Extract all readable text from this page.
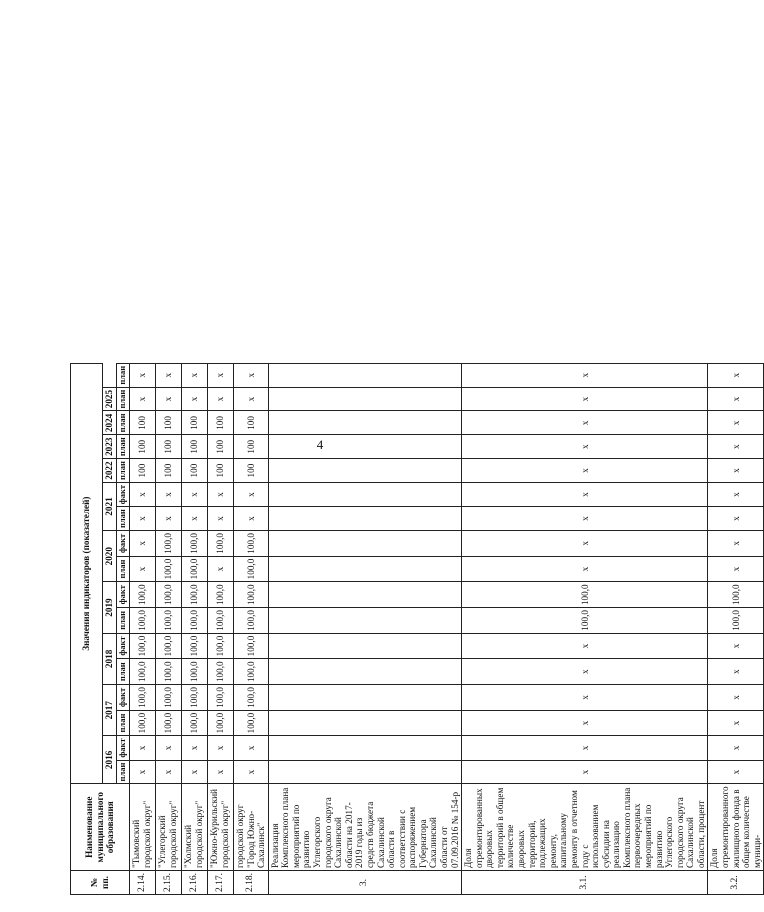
4
№ пп.	Наименование муниципального образования	Значения индикаторов (показателей)																
		2016		2017		2018		2019		2020		2021		2022	2023	2024	2025	
		план	факт	план	факт	план	факт	план	факт	план	факт	план	факт	план	план	план	план	план
2.14.	"Тымовский городской округ"	х	х	100,0	100,0	100,0	100,0	100,0	100,0	х	х	х	х	100	100	100	х	х
2.15.	"Углегорский городской округ"	х	х	100,0	100,0	100,0	100,0	100,0	100,0	100,0	100,0	х	х	100	100	100	х	х
2.16.	"Холмский городской округ"	х	х	100,0	100,0	100,0	100,0	100,0	100,0	100,0	100,0	х	х	100	100	100	х	х
2.17.	"Южно-Курильский городской округ"	х	х	100,0	100,0	100,0	100,0	100,0	100,0	х	100,0	х	х	100	100	100	х	х
2.18.	городской округ "Город Южно-Сахалинск"	х	х	100,0	100,0	100,0	100,0	100,0	100,0	100,0	100,0	х	х	100	100	100	х	х
3.	Реализация Комплексного плана мероприятий по развитию Углегорского городского округа Сахалинской области на 2017-2019 годы из средств бюджета Сахалинской области в соответствии с распоряжением Губернатора Сахалинской области от 07.09.2016 № 154-р																	
3.1.	Доля отремонтированных дворовых территорий в общем количестве дворовых территорий, подлежащих ремонту, капитальному ремонту в отчетном году с использованием субсидии на реализацию Комплексного плана первоочередных мероприятий по развитию Углегорского городского округа Сахалинской области, процент	х	х	х	х	х	х	100,0	100,0	х	х	х	х	х	х	х	х	х
3.2.	Доля отремонтированного жилищного фонда в общем количестве муници-	х	х	х	х	х	х	100,0	100,0	х	х	х	х	х	х	х	х	х
